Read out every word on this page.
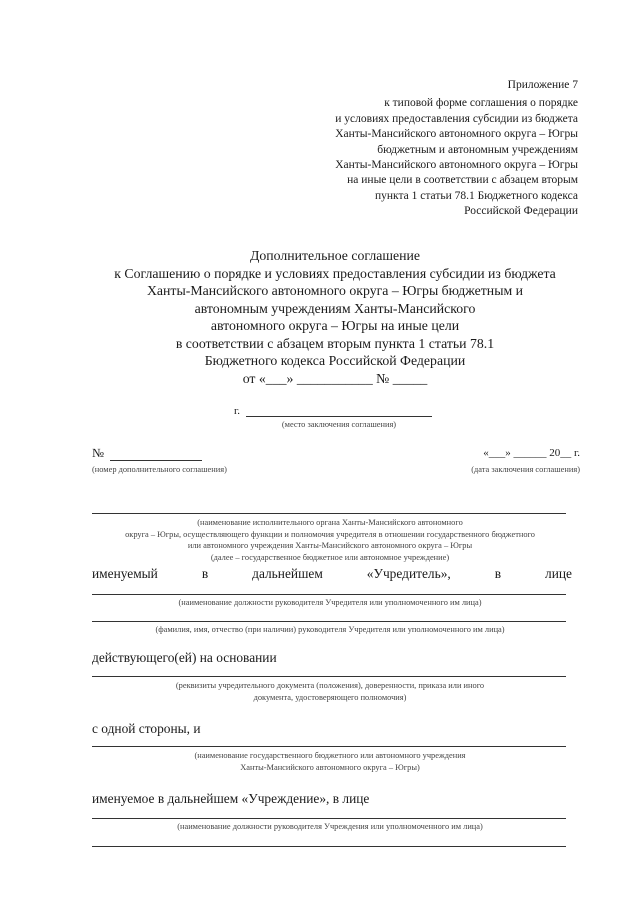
Приложение 7
к типовой форме соглашения о порядке
и условиях предоставления субсидии из бюджета
Ханты-Мансийского автономного округа – Югры
бюджетным и автономным учреждениям
Ханты-Мансийского автономного округа – Югры
на иные цели в соответствии с абзацем вторым
пункта 1 статьи 78.1 Бюджетного кодекса
Российской Федерации
Дополнительное соглашение
к Соглашению о порядке и условиях предоставления субсидии из бюджета
Ханты-Мансийского автономного округа – Югры бюджетным и
автономным учреждениям Ханты-Мансийского
автономного округа – Югры на иные цели
в соответствии с абзацем вторым пункта 1 статьи 78.1
Бюджетного кодекса Российской Федерации
от «___» ___________ № _____
г.
(место заключения соглашения)
№
(номер дополнительного соглашения)
«___» ______ 20__ г.
(дата заключения соглашения)
(наименование исполнительного органа Ханты-Мансийского автономного
округа – Югры, осуществляющего функции и полномочия учредителя в отношении государственного бюджетного
или автономного учреждения Ханты-Мансийского автономного округа – Югры
(далее – государственное бюджетное или автономное учреждение)
именуемый	в	дальнейшем	«Учредитель»,	в	лице
(наименование должности руководителя Учредителя или уполномоченного им лица)
(фамилия, имя, отчество (при наличии) руководителя Учредителя или уполномоченного им лица)
действующего(ей) на основании
(реквизиты учредительного документа (положения), доверенности, приказа или иного
документа, удостоверяющего полномочия)
с одной стороны, и
(наименование государственного бюджетного или автономного учреждения
Ханты-Мансийского автономного округа – Югры)
именуемое в дальнейшем «Учреждение», в лице
(наименование должности руководителя Учреждения или уполномоченного им лица)
